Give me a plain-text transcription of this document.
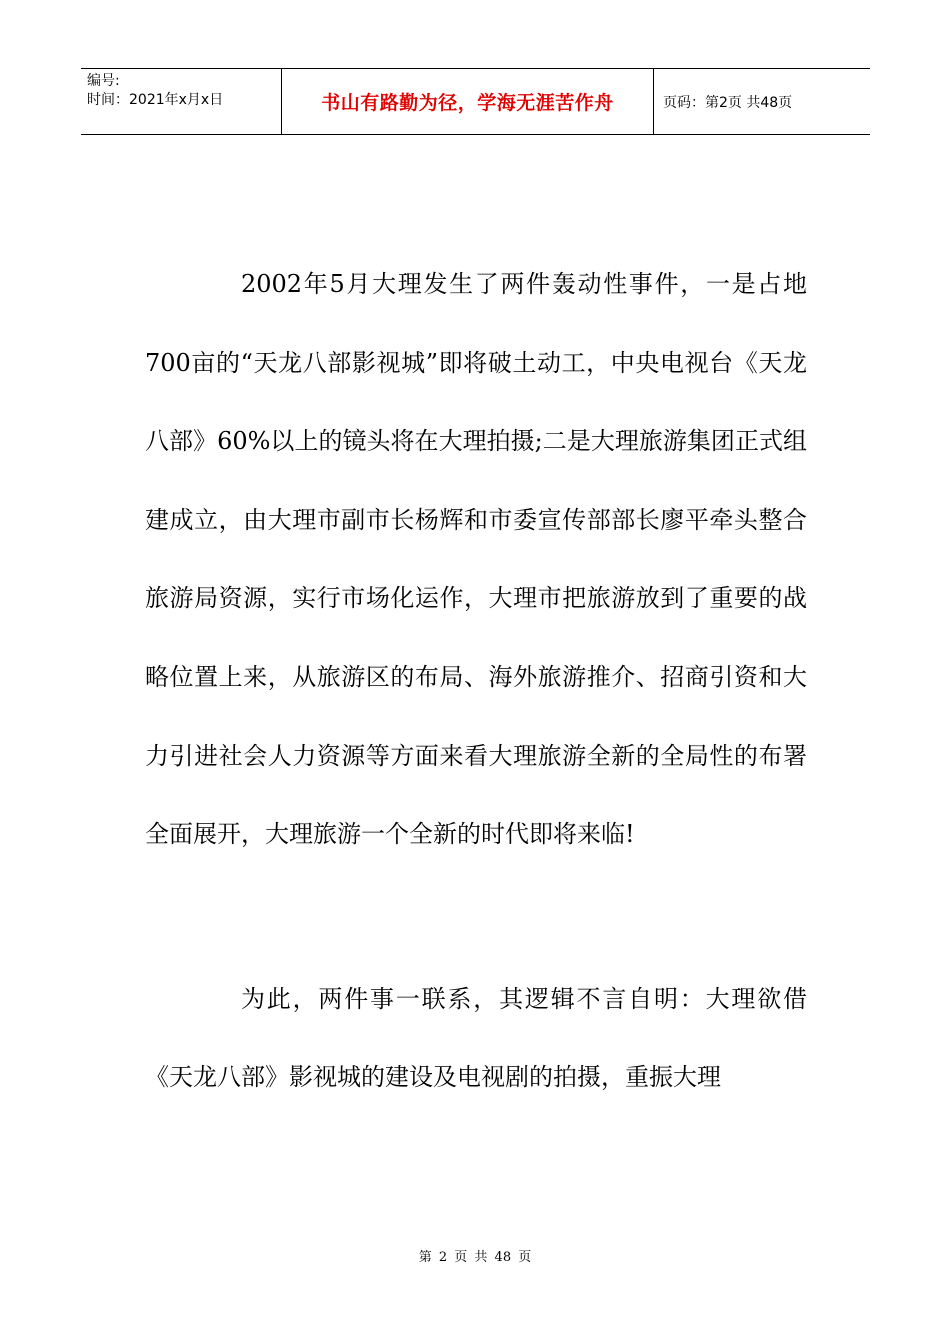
编号:
时间：2021年x月x日	书山有路勤为径，学海无涯苦作舟	页码：第2页 共48页

2002年5月大理发生了两件轰动性事件，一是占地700亩的“天龙八部影视城”即将破土动工，中央电视台《天龙八部》60%以上的镜头将在大理拍摄;二是大理旅游集团正式组建成立，由大理市副市长杨辉和市委宣传部部长廖平牵头整合旅游局资源，实行市场化运作，大理市把旅游放到了重要的战略位置上来，从旅游区的布局、海外旅游推介、招商引资和大力引进社会人力资源等方面来看大理旅游全新的全局性的布署全面展开，大理旅游一个全新的时代即将来临!

为此，两件事一联系，其逻辑不言自明：大理欲借《天龙八部》影视城的建设及电视剧的拍摄，重振大理

第 2 页 共 48 页
